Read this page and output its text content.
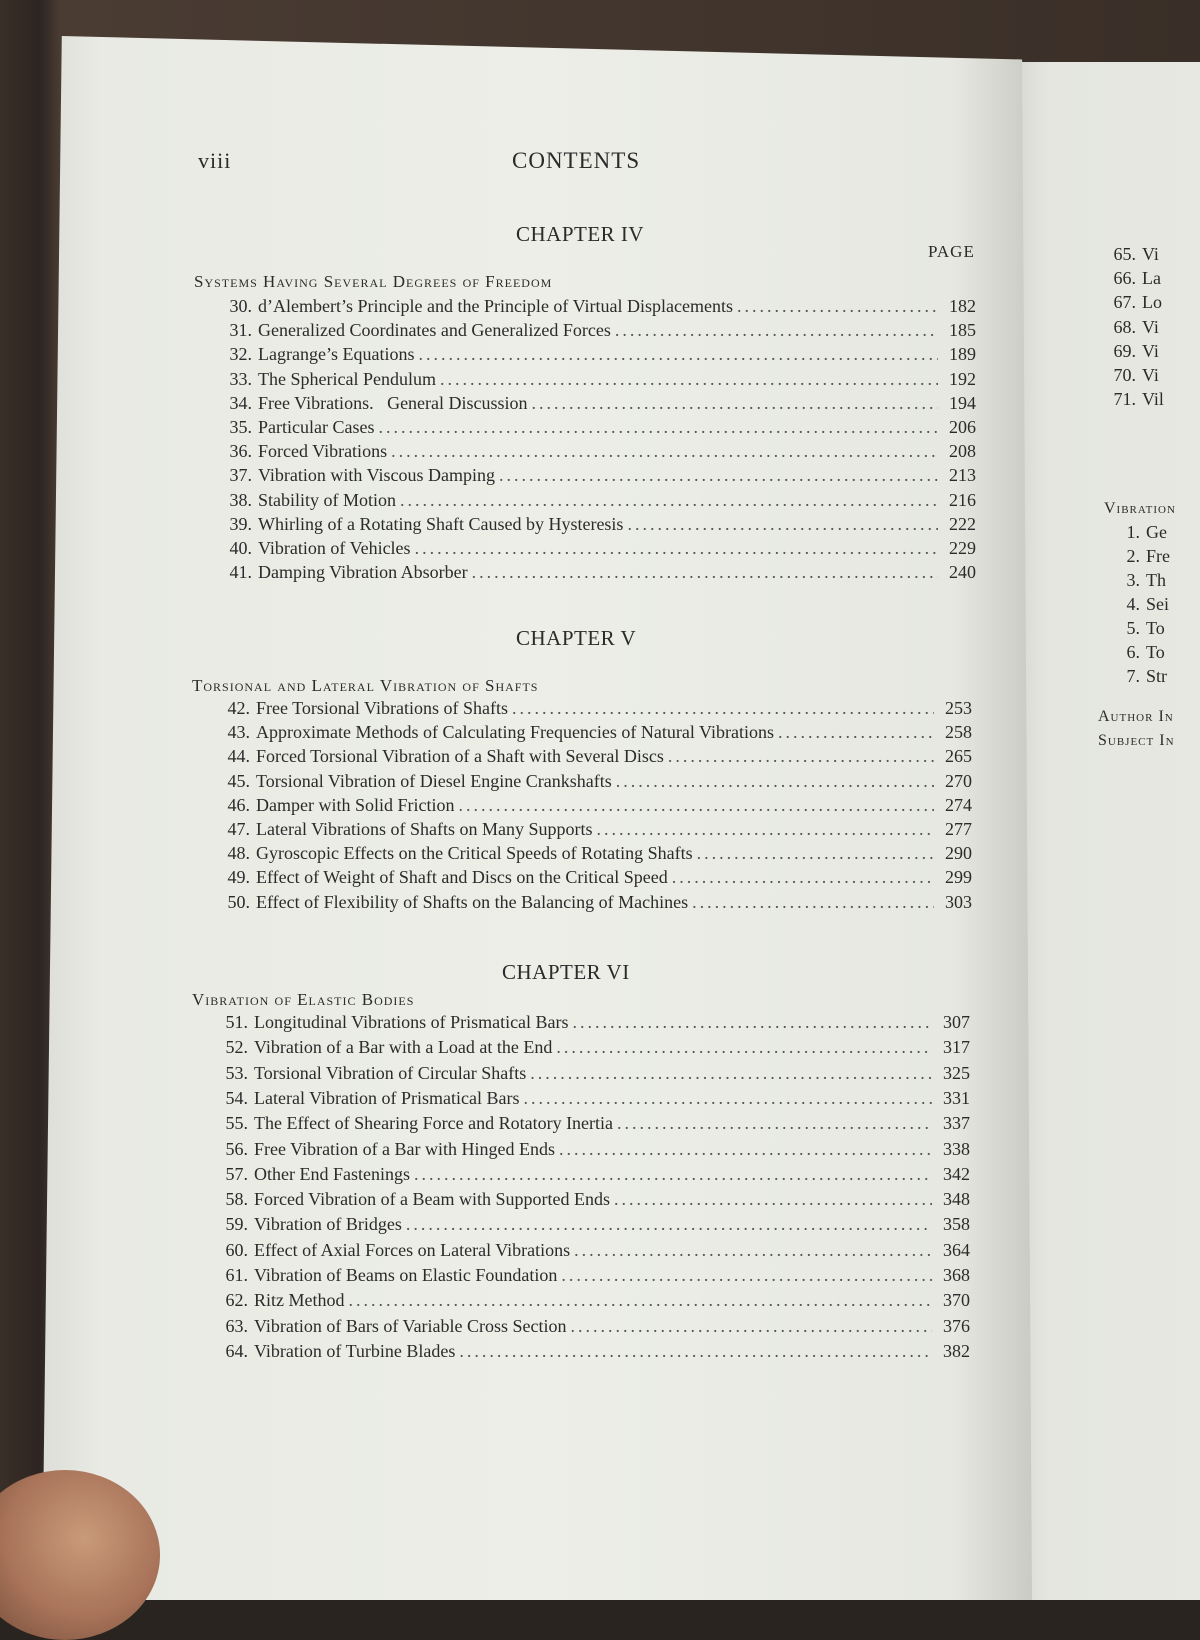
viii	CONTENTS
CHAPTER IV
PAGE
Systems Having Several Degrees of Freedom
CHAPTER V
Torsional and Lateral Vibration of Shafts
CHAPTER VI
Vibration of Elastic Bodies
30. d’Alembert’s Principle and the Principle of Virtual Displacements .....	182
31. Generalized Coordinates and Generalized Forces .....	185
32. Lagrange’s Equations .....	189
33. The Spherical Pendulum .....	192
34. Free Vibrations.   General Discussion .....	194
35. Particular Cases .....	206
36. Forced Vibrations .....	208
37. Vibration with Viscous Damping .....	213
38. Stability of Motion .....	216
39. Whirling of a Rotating Shaft Caused by Hysteresis .....	222
40. Vibration of Vehicles .....	229
41. Damping Vibration Absorber .....	240
42. Free Torsional Vibrations of Shafts .....	253
43. Approximate Methods of Calculating Frequencies of Natural Vibrations .....	258
44. Forced Torsional Vibration of a Shaft with Several Discs .....	265
45. Torsional Vibration of Diesel Engine Crankshafts .....	270
46. Damper with Solid Friction .....	274
47. Lateral Vibrations of Shafts on Many Supports .....	277
48. Gyroscopic Effects on the Critical Speeds of Rotating Shafts .....	290
49. Effect of Weight of Shaft and Discs on the Critical Speed .....	299
50. Effect of Flexibility of Shafts on the Balancing of Machines .....	303
51. Longitudinal Vibrations of Prismatical Bars .....	307
52. Vibration of a Bar with a Load at the End .....	317
53. Torsional Vibration of Circular Shafts .....	325
54. Lateral Vibration of Prismatical Bars .....	331
55. The Effect of Shearing Force and Rotatory Inertia .....	337
56. Free Vibration of a Bar with Hinged Ends .....	338
57. Other End Fastenings .....	342
58. Forced Vibration of a Beam with Supported Ends .....	348
59. Vibration of Bridges .....	358
60. Effect of Axial Forces on Lateral Vibrations .....	364
61. Vibration of Beams on Elastic Foundation .....	368
62. Ritz Method .....	370
63. Vibration of Bars of Variable Cross Section .....	376
64. Vibration of Turbine Blades .....	382
65. Vi
66. La
67. Lo
68. Vi
69. Vi
70. Vi
71. Vil
Vibration
1. Ge
2. Fre
3. Th
4. Sei
5. To
6. To
7. Str
Author In
Subject In
